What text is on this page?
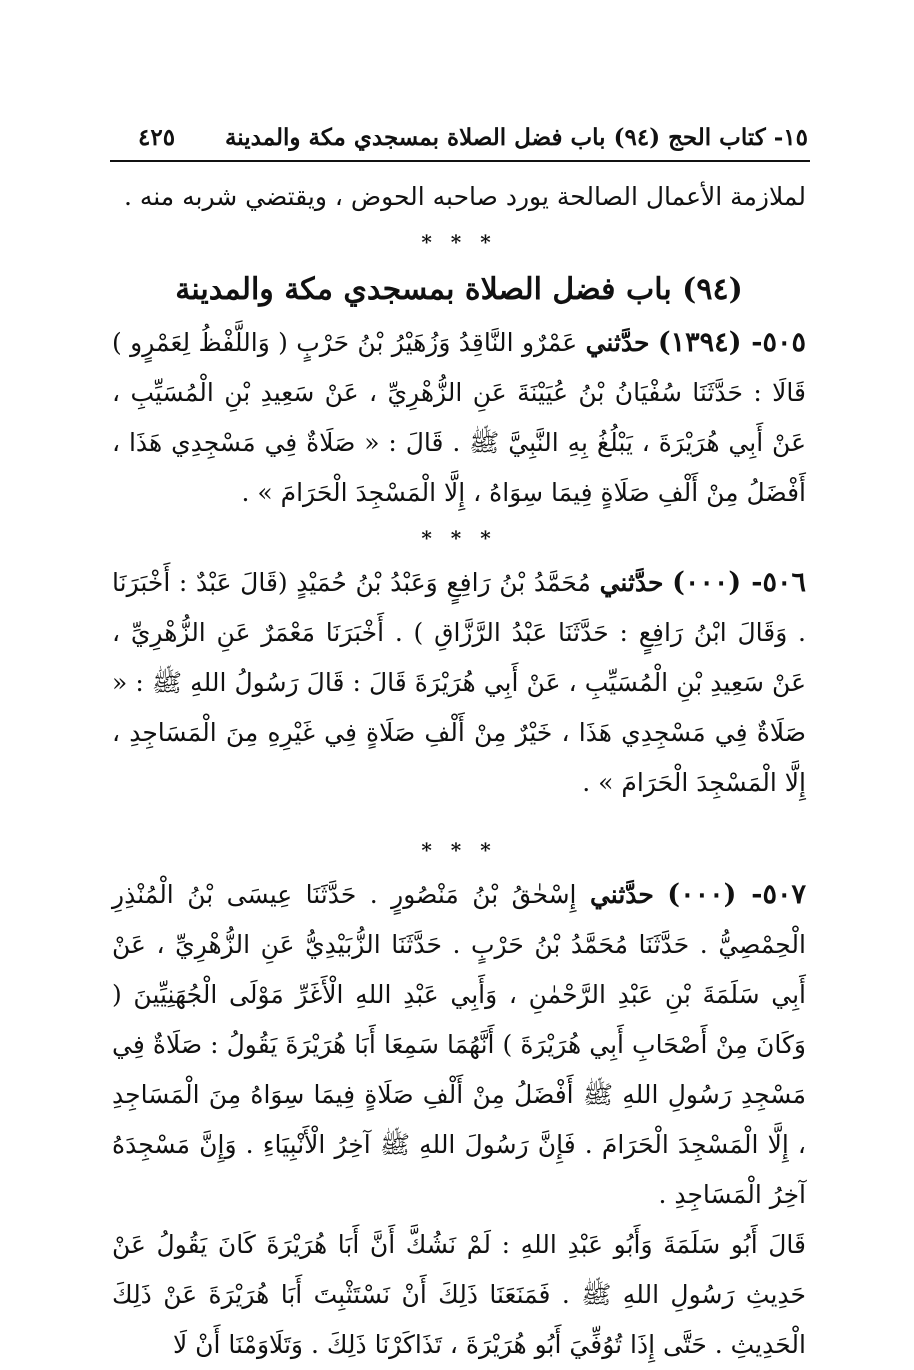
١٥- كتاب الحج (٩٤) باب فضل الصلاة بمسجدي مكة والمدينة
٤٢٥

لملازمة الأعمال الصالحة يورد صاحبه الحوض ، ويقتضي شربه منه .

* * *

(٩٤) باب فضل الصلاة بمسجدي مكة والمدينة

٥٠٥- (١٣٩٤) حدَّثني عَمْرٌو النَّاقِدُ وَزُهَيْرُ بْنُ حَرْبٍ ( وَاللَّفْظُ لِعَمْرٍو ) قَالَا : حَدَّثَنَا سُفْيَانُ بْنُ عُيَيْنَةَ عَنِ الزُّهْرِيِّ ، عَنْ سَعِيدِ بْنِ الْمُسَيِّبِ ، عَنْ أَبِي هُرَيْرَةَ ، يَبْلُغُ بِهِ النَّبِيَّ ﷺ . قَالَ : « صَلَاةٌ فِي مَسْجِدِي هَذَا ، أَفْضَلُ مِنْ أَلْفِ صَلَاةٍ فِيمَا سِوَاهُ ، إِلَّا الْمَسْجِدَ الْحَرَامَ » .

* * *

٥٠٦- (٠٠٠) حدَّثني مُحَمَّدُ بْنُ رَافِعٍ وَعَبْدُ بْنُ حُمَيْدٍ (قَالَ عَبْدٌ : أَخْبَرَنَا . وَقَالَ ابْنُ رَافِعٍ : حَدَّثَنَا عَبْدُ الرَّزَّاقِ ) . أَخْبَرَنَا مَعْمَرٌ عَنِ الزُّهْرِيِّ ، عَنْ سَعِيدِ بْنِ الْمُسَيِّبِ ، عَنْ أَبِي هُرَيْرَةَ قَالَ : قَالَ رَسُولُ اللهِ ﷺ : « صَلَاةٌ فِي مَسْجِدِي هَذَا ، خَيْرٌ مِنْ أَلْفِ صَلَاةٍ فِي غَيْرِهِ مِنَ الْمَسَاجِدِ ، إِلَّا الْمَسْجِدَ الْحَرَامَ » .

* * *

٥٠٧- (٠٠٠) حدَّثني إِسْحٰقُ بْنُ مَنْصُورٍ . حَدَّثَنَا عِيسَى بْنُ الْمُنْذِرِ الْحِمْصِيُّ . حَدَّثَنَا مُحَمَّدُ بْنُ حَرْبٍ . حَدَّثَنَا الزُّبَيْدِيُّ عَنِ الزُّهْرِيِّ ، عَنْ أَبِي سَلَمَةَ بْنِ عَبْدِ الرَّحْمٰنِ ، وَأَبِي عَبْدِ اللهِ الْأَغَرِّ مَوْلَى الْجُهَنِيِّينَ ( وَكَانَ مِنْ أَصْحَابِ أَبِي هُرَيْرَةَ ) أَنَّهُمَا سَمِعَا أَبَا هُرَيْرَةَ يَقُولُ : صَلَاةٌ فِي مَسْجِدِ رَسُولِ اللهِ ﷺ أَفْضَلُ مِنْ أَلْفِ صَلَاةٍ فِيمَا سِوَاهُ مِنَ الْمَسَاجِدِ ، إِلَّا الْمَسْجِدَ الْحَرَامَ . فَإِنَّ رَسُولَ اللهِ ﷺ آخِرُ الْأَنْبِيَاءِ . وَإِنَّ مَسْجِدَهُ آخِرُ الْمَسَاجِدِ .

قَالَ أَبُو سَلَمَةَ وَأَبُو عَبْدِ اللهِ : لَمْ نَشُكَّ أَنَّ أَبَا هُرَيْرَةَ كَانَ يَقُولُ عَنْ حَدِيثِ رَسُولِ اللهِ ﷺ . فَمَنَعَنَا ذَلِكَ أَنْ نَسْتَثْبِتَ أَبَا هُرَيْرَةَ عَنْ ذَلِكَ الْحَدِيثِ . حَتَّى إِذَا تُوُفِّيَ أَبُو هُرَيْرَةَ ، تَذَاكَرْنَا ذَلِكَ . وَتَلَاوَمْنَا أَنْ لَا
